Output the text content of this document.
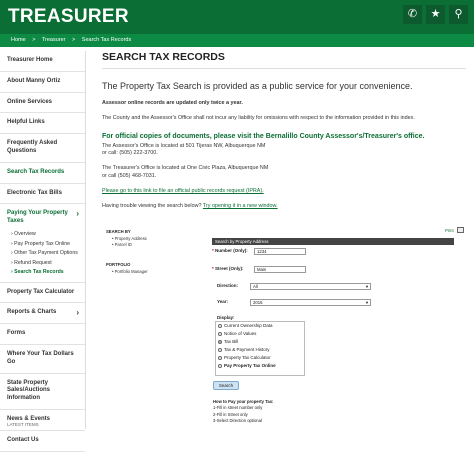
TREASURER	✆	★	⚲
Home > Treasurer > Search Tax Records
Treasurer Home
About Manny Ortiz
Online Services
Helpful Links
Frequently Asked Questions
Search Tax Records
Electronic Tax Bills
Paying Your Property Taxes
›
› Overview
› Pay Property Tax Online
› Other Tax Payment Options
› Refund Request
› Search Tax Records
Property Tax Calculator
Reports & Charts ›
Forms
Where Your Tax Dollars Go
State Property Sales/Auctions Information
News & Events
Contact Us
LATEST ITEMS
SEARCH TAX RECORDS
The Property Tax Search is provided as a public service for your convenience.
Assessor online records are updated only twice a year.
The County and the Assessor's Office shall not incur any liability for omissions with respect to the information provided in this index.
For official copies of documents, please visit the Bernalillo County Assessor's/Treasurer's office.
The Assessor's Office is located at 501 Tijeras NW, Albuquerque NM
or call: (505) 222-3700.
The Treasurer's Office is located at One Civic Plaza, Albuquerque NM
or call (505) 468-7031.
Please go to this link to file an official public records request (IPRA).
Having trouble viewing the search below? Try opening it in a new window.
SEARCH BY
• Property Address
• Parcel ID
PORTFOLIO
• Portfolio Manager
Print
Search by Property Address
* Number (Only):	1234
* Street (Only):	Main
Direction:	All	▼
Year:	2015	▼
Display:
Current Ownership Data
Notice of Values
Tax Bill
Tax & Payment History
Property Tax Calculator
Pay Property Tax Online
Search
How to Pay your property Tax:
1-Fill in street number only
2-Fill in Street only
3-Select Direction optional
